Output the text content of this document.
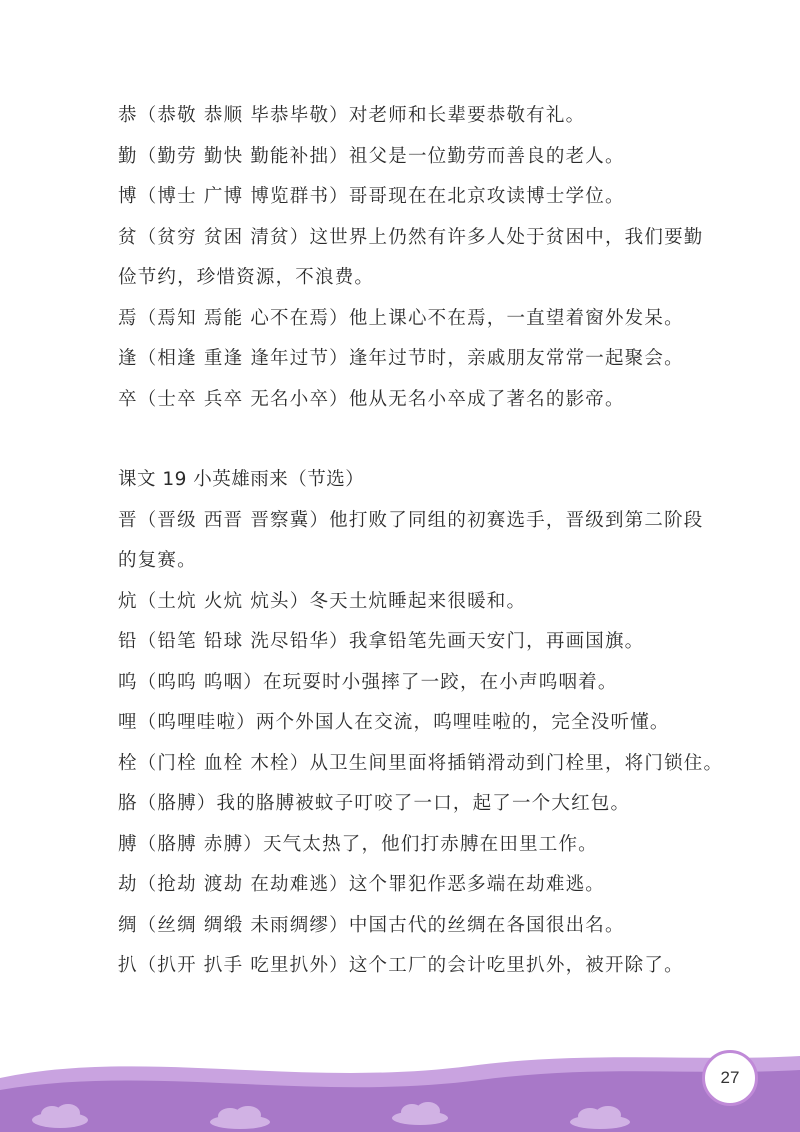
恭（恭敬 恭顺 毕恭毕敬）对老师和长辈要恭敬有礼。
勤（勤劳 勤快 勤能补拙）祖父是一位勤劳而善良的老人。
博（博士 广博 博览群书）哥哥现在在北京攻读博士学位。
贫（贫穷 贫困 清贫）这世界上仍然有许多人处于贫困中，我们要勤
俭节约，珍惜资源，不浪费。
焉（焉知 焉能 心不在焉）他上课心不在焉，一直望着窗外发呆。
逢（相逢 重逢 逢年过节）逢年过节时，亲戚朋友常常一起聚会。
卒（士卒 兵卒 无名小卒）他从无名小卒成了著名的影帝。
课文 19 小英雄雨来（节选）
晋（晋级 西晋 晋察冀）他打败了同组的初赛选手，晋级到第二阶段
的复赛。
炕（土炕 火炕 炕头）冬天土炕睡起来很暖和。
铅（铅笔 铅球 洗尽铅华）我拿铅笔先画天安门，再画国旗。
呜（呜呜 呜咽）在玩耍时小强摔了一跤，在小声呜咽着。
哩（呜哩哇啦）两个外国人在交流，呜哩哇啦的，完全没听懂。
栓（门栓 血栓 木栓）从卫生间里面将插销滑动到门栓里，将门锁住。
胳（胳膊）我的胳膊被蚊子叮咬了一口，起了一个大红包。
膊（胳膊 赤膊）天气太热了，他们打赤膊在田里工作。
劫（抢劫 渡劫 在劫难逃）这个罪犯作恶多端在劫难逃。
绸（丝绸 绸缎 未雨绸缪）中国古代的丝绸在各国很出名。
扒（扒开 扒手 吃里扒外）这个工厂的会计吃里扒外，被开除了。
27
